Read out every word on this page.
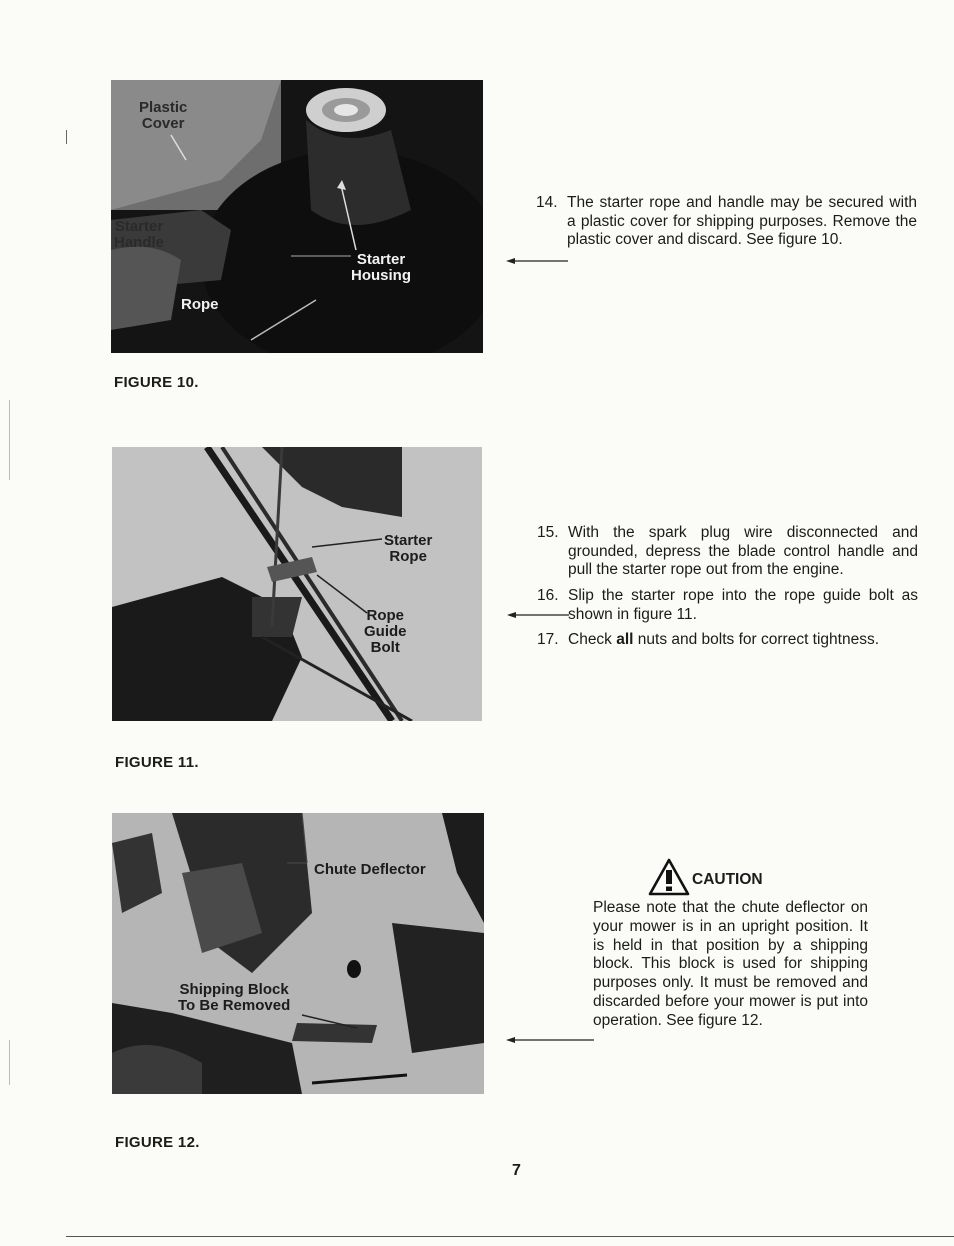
Plastic
Cover
Starter
Handle
Starter
Housing
Rope
FIGURE 10.
14. The starter rope and handle may be secured with a plastic cover for shipping purposes. Remove the plastic cover and discard. See figure 10.
Starter
Rope
Rope
Guide
Bolt
FIGURE 11.
15. With the spark plug wire disconnected and grounded, depress the blade control handle and pull the starter rope out from the engine.
16. Slip the starter rope into the rope guide bolt as shown in figure 11.
17. Check all nuts and bolts for correct tightness.
Chute Deflector
Shipping Block
To Be Removed
FIGURE 12.
CAUTION
Please note that the chute deflector on your mower is in an upright position. It is held in that position by a shipping block. This block is used for shipping purposes only. It must be removed and discarded before your mower is put into operation. See figure 12.
7
